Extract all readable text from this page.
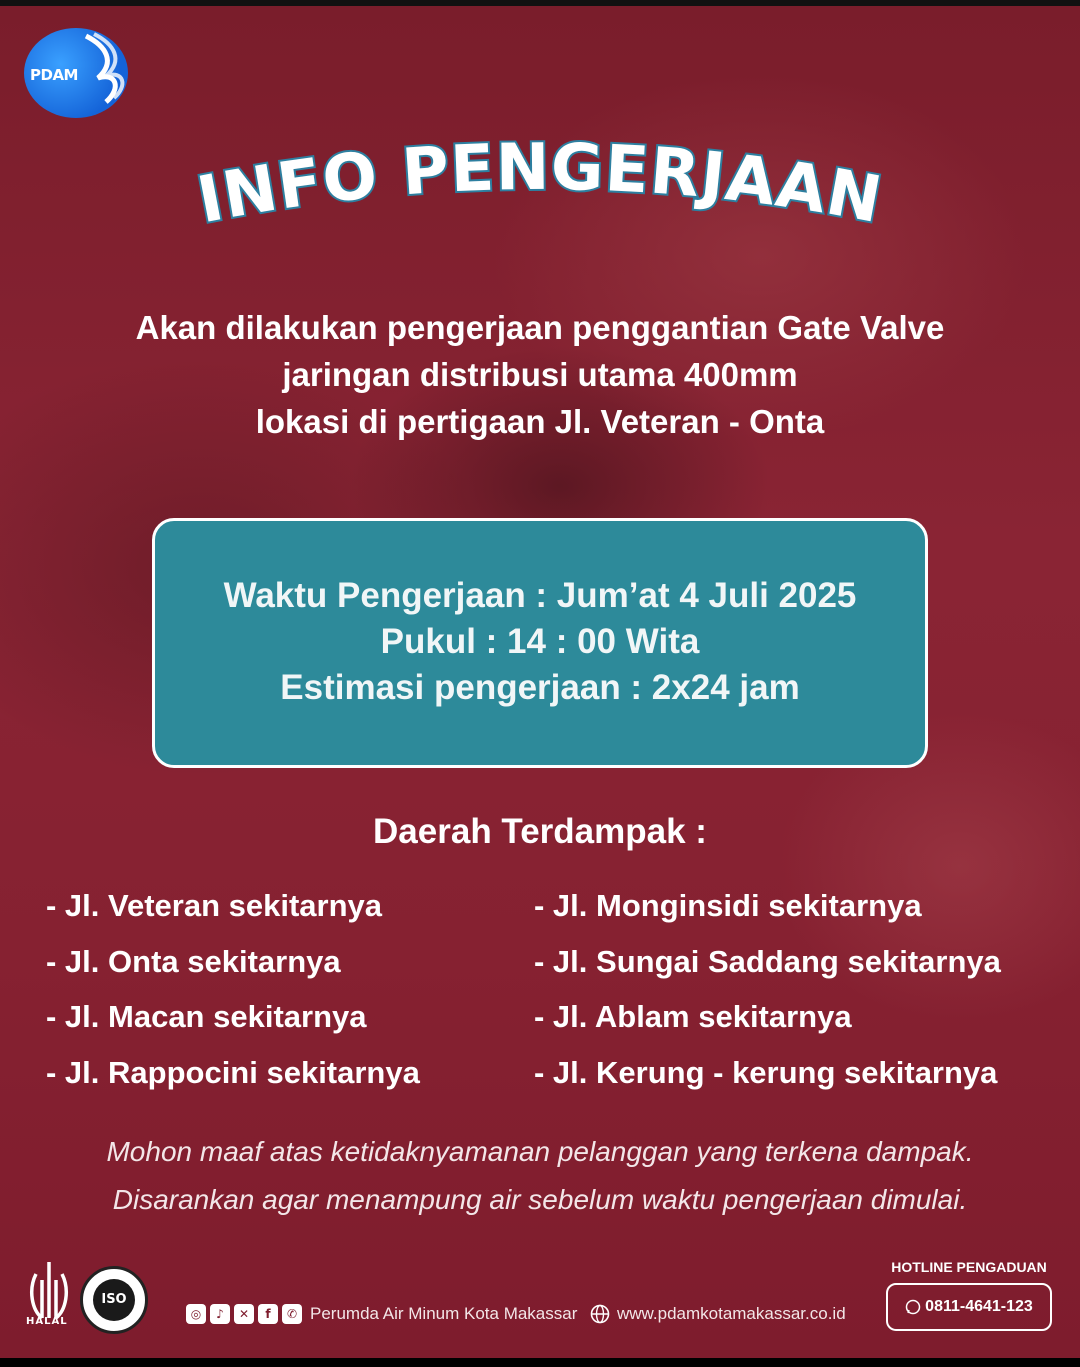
PDAM
INFO PENGERJAAN
Akan dilakukan pengerjaan penggantian Gate Valve
jaringan distribusi utama 400mm
lokasi di pertigaan Jl. Veteran - Onta
Waktu Pengerjaan : Jum’at 4 Juli 2025
Pukul : 14 : 00 Wita
Estimasi pengerjaan : 2x24 jam
Daerah Terdampak :
- Jl. Veteran sekitarnya
- Jl. Onta sekitarnya
- Jl. Macan sekitarnya
- Jl. Rappocini sekitarnya
- Jl. Monginsidi sekitarnya
- Jl. Sungai Saddang sekitarnya
- Jl. Ablam sekitarnya
- Jl. Kerung - kerung sekitarnya
Mohon maaf atas ketidaknyamanan pelanggan yang terkena dampak.
Disarankan agar menampung air sebelum waktu pengerjaan dimulai.
HALAL
ISO
◎	♪	✕	f	✆ Perumda Air Minum Kota Makassar www.pdamkotamakassar.co.id
HOTLINE PENGADUAN
0811-4641-123
